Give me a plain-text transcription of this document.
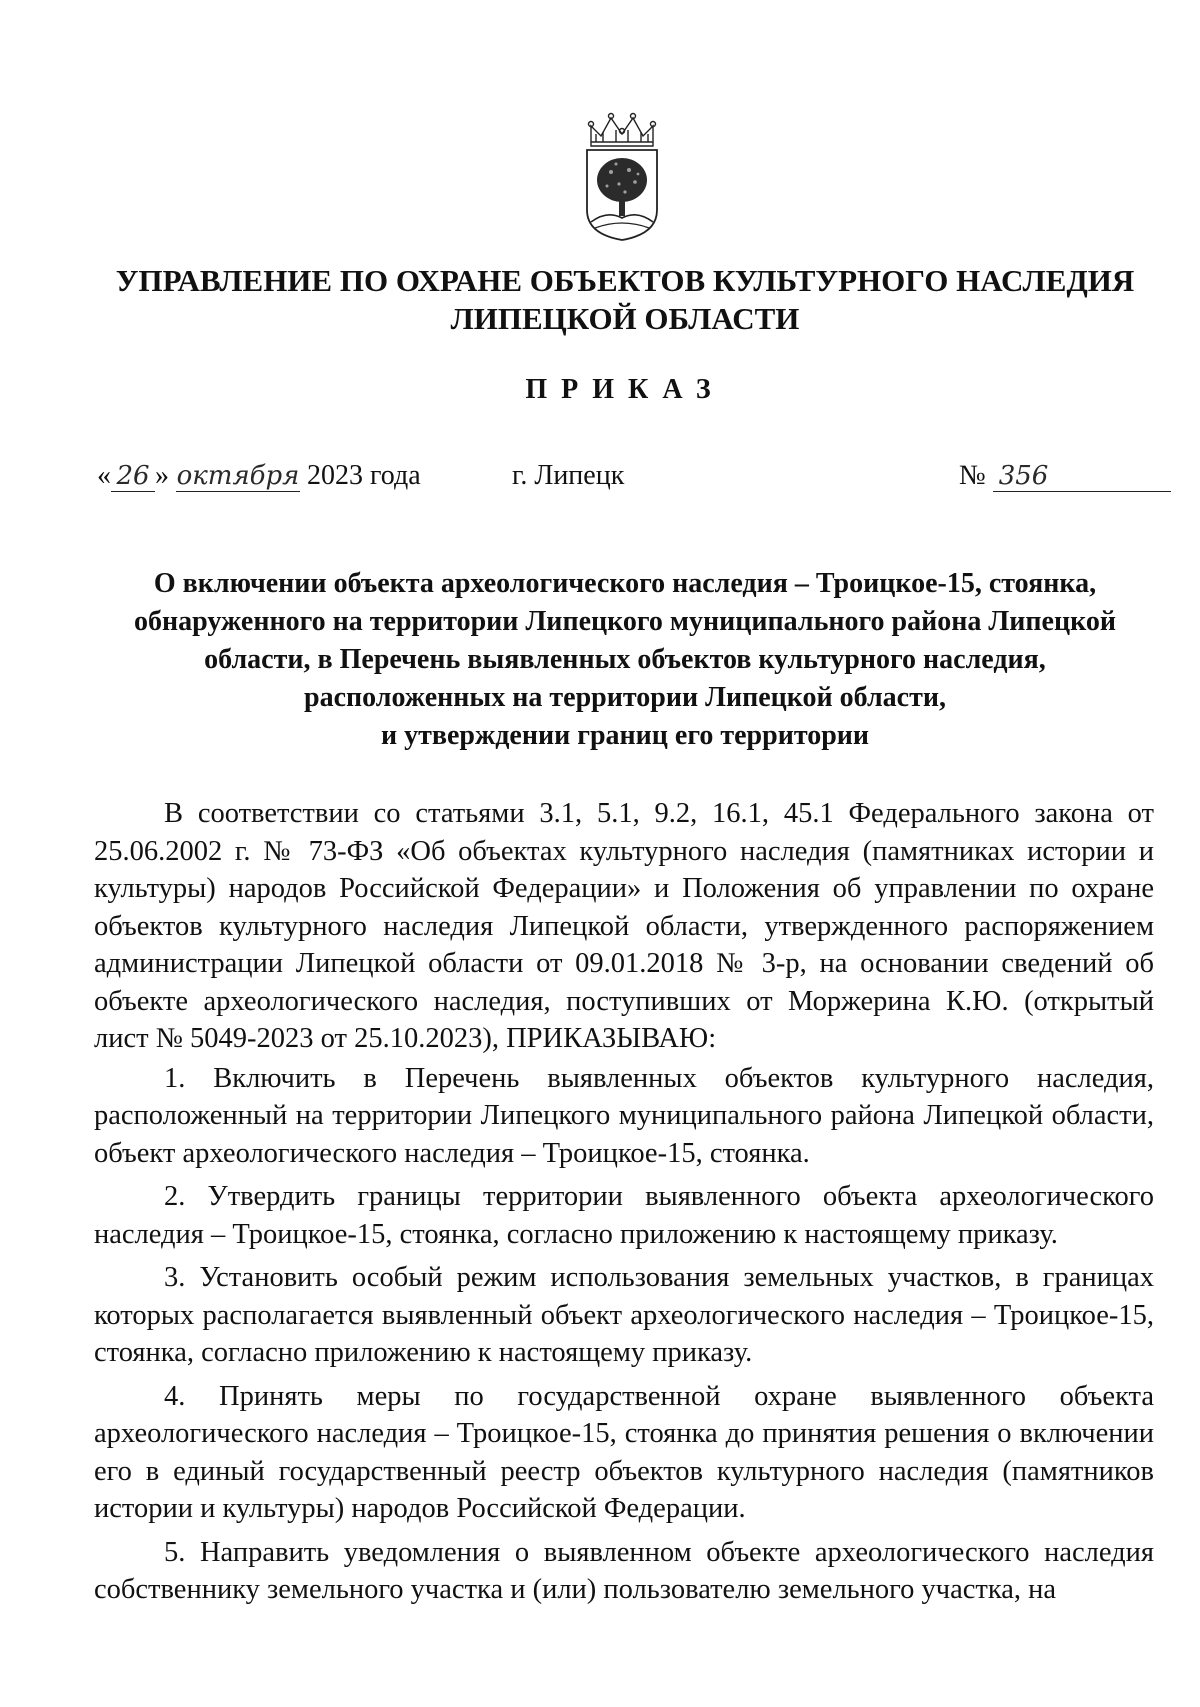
УПРАВЛЕНИЕ ПО ОХРАНЕ ОБЪЕКТОВ КУЛЬТУРНОГО НАСЛЕДИЯ
ЛИПЕЦКОЙ ОБЛАСТИ
ПРИКАЗ
« 26 » октября 2023 года	г. Липецк	№ 356
О включении объекта археологического наследия – Троицкое-15, стоянка,
обнаруженного на территории Липецкого муниципального района Липецкой
области, в Перечень выявленных объектов культурного наследия,
расположенных на территории Липецкой области,
и утверждении границ его территории

В соответствии со статьями 3.1, 5.1, 9.2, 16.1, 45.1 Федерального закона от 25.06.2002 г. № 73-ФЗ «Об объектах культурного наследия (памятниках истории и культуры) народов Российской Федерации» и Положения об управлении по охране объектов культурного наследия Липецкой области, утвержденного распоряжением администрации Липецкой области от 09.01.2018 № 3-р, на основании сведений об объекте археологического наследия, поступивших от Моржерина К.Ю. (открытый лист № 5049-2023 от 25.10.2023), ПРИКАЗЫВАЮ:

1. Включить в Перечень выявленных объектов культурного наследия, расположенный на территории Липецкого муниципального района Липецкой области, объект археологического наследия – Троицкое-15, стоянка.

2. Утвердить границы территории выявленного объекта археологического наследия – Троицкое-15, стоянка, согласно приложению к настоящему приказу.

3. Установить особый режим использования земельных участков, в границах которых располагается выявленный объект археологического наследия – Троицкое-15, стоянка, согласно приложению к настоящему приказу.

4. Принять меры по государственной охране выявленного объекта археологического наследия – Троицкое-15, стоянка до принятия решения о включении его в единый государственный реестр объектов культурного наследия (памятников истории и культуры) народов Российской Федерации.

5. Направить уведомления о выявленном объекте археологического наследия собственнику земельного участка и (или) пользователю земельного участка, на
